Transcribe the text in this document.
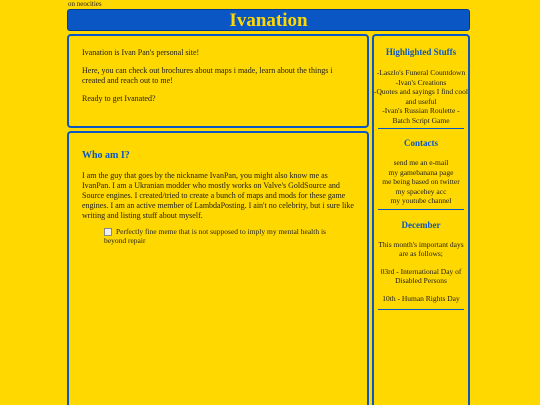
on neocities
Ivanation

Ivanation is Ivan Pan's personal site!

Here, you can check out brochures about maps i made, learn about the things i created and reach out to me!

Ready to get Ivanated?

Who am I?

I am the guy that goes by the nickname IvanPan, you might also know me as IvanPan. I am a Ukranian modder who mostly works on Valve's GoldSource and Source engines. I created/tried to create a bunch of maps and mods for these game engines. I am an active member of LambdaPosting. I ain't no celebrity, but i sure like writing and listing stuff about myself.

Perfectly fine meme that is not supposed to imply my mental health is beyond repair
Highlighted Stuffs
-Laszlo's Funeral Countdown
-Ivan's Creations
-Quotes and sayings I find cool and useful
-Ivan's Russian Roulette - Batch Script Game
Contacts
send me an e-mail
my gamebanana page
me being based on twitter
my spacehey acc
my youtube channel
December
This month's important days are as follows;
03rd - International Day of Disabled Persons
10th - Human Rights Day
